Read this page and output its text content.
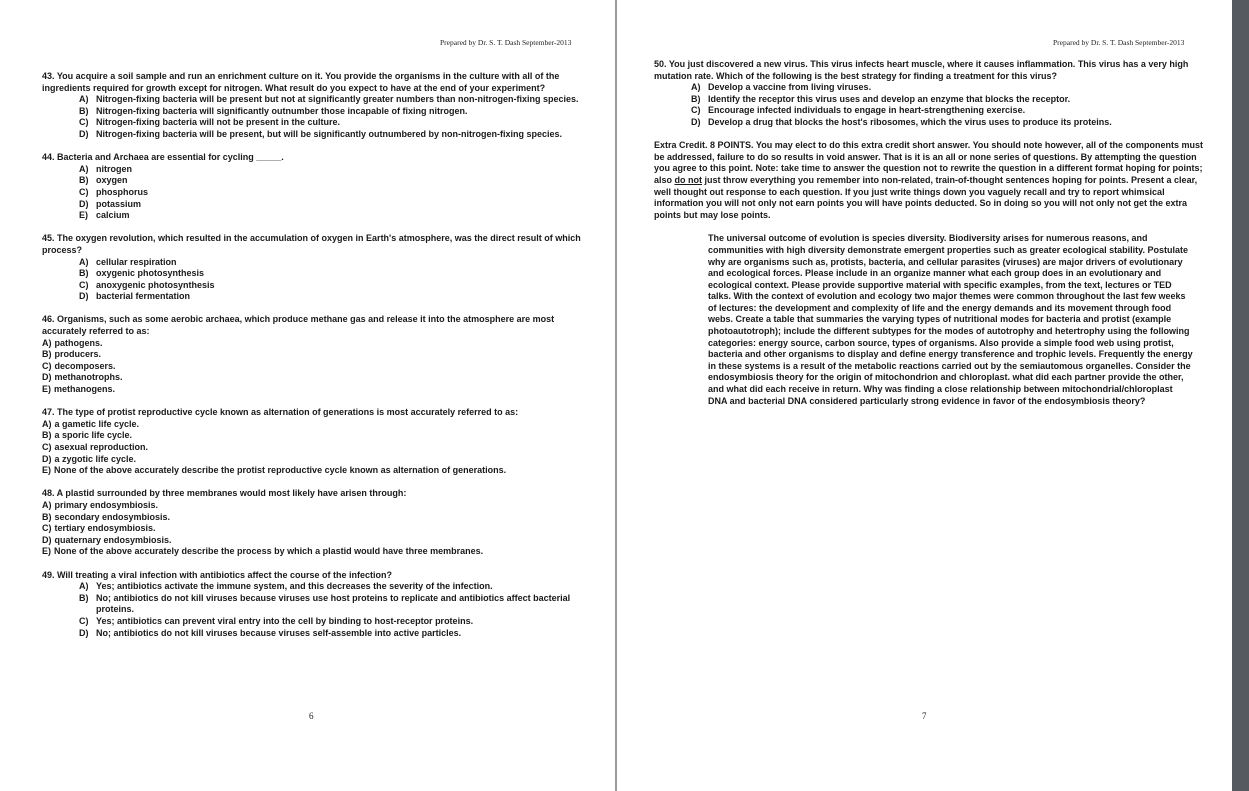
Prepared by Dr. S. T. Dash September-2013

43. You acquire a soil sample and run an enrichment culture on it. You provide the organisms in the culture with all of the ingredients required for growth except for nitrogen. What result do you expect to have at the end of your experiment?

A) Nitrogen-fixing bacteria will be present but not at significantly greater numbers than non-nitrogen-fixing species.
B) Nitrogen-fixing bacteria will significantly outnumber those incapable of fixing nitrogen.
C) Nitrogen-fixing bacteria will not be present in the culture.
D) Nitrogen-fixing bacteria will be present, but will be significantly outnumbered by non-nitrogen-fixing species.

44. Bacteria and Archaea are essential for cycling _____.

A) nitrogen
B) oxygen
C) phosphorus
D) potassium
E) calcium

45. The oxygen revolution, which resulted in the accumulation of oxygen in Earth's atmosphere, was the direct result of which process?

A) cellular respiration
B) oxygenic photosynthesis
C) anoxygenic photosynthesis
D) bacterial fermentation

46. Organisms, such as some aerobic archaea, which produce methane gas and release it into the atmosphere are most accurately referred to as:

A) pathogens.
B) producers.
C) decomposers.
D) methanotrophs.
E) methanogens.

47. The type of protist reproductive cycle known as alternation of generations is most accurately referred to as:

A) a gametic life cycle.
B) a sporic life cycle.
C) asexual reproduction.
D) a zygotic life cycle.
E) None of the above accurately describe the protist reproductive cycle known as alternation of generations.

48. A plastid surrounded by three membranes would most likely have arisen through:

A) primary endosymbiosis.
B) secondary endosymbiosis.
C) tertiary endosymbiosis.
D) quaternary endosymbiosis.
E) None of the above accurately describe the process by which a plastid would have three membranes.

49. Will treating a viral infection with antibiotics affect the course of the infection?

A) Yes; antibiotics activate the immune system, and this decreases the severity of the infection.
B) No; antibiotics do not kill viruses because viruses use host proteins to replicate and antibiotics affect bacterial proteins.
C) Yes; antibiotics can prevent viral entry into the cell by binding to host-receptor proteins.
D) No; antibiotics do not kill viruses because viruses self-assemble into active particles.
6
Prepared by Dr. S. T. Dash September-2013

50. You just discovered a new virus. This virus infects heart muscle, where it causes inflammation. This virus has a very high mutation rate. Which of the following is the best strategy for finding a treatment for this virus?

A) Develop a vaccine from living viruses.
B) Identify the receptor this virus uses and develop an enzyme that blocks the receptor.
C) Encourage infected individuals to engage in heart-strengthening exercise.
D) Develop a drug that blocks the host's ribosomes, which the virus uses to produce its proteins.

Extra Credit. 8 POINTS. You may elect to do this extra credit short answer. You should note however, all of the components must be addressed, failure to do so results in void answer. That is it is an all or none series of questions. By attempting the question you agree to this point. Note: take time to answer the question not to rewrite the question in a different format hoping for points; also do not just throw everything you remember into non-related, train-of-thought sentences hoping for points. Present a clear, well thought out response to each question. If you just write things down you vaguely recall and try to report whimsical information you will not only not earn points you will have points deducted. So in doing so you will not only not get the extra points but may lose points.

The universal outcome of evolution is species diversity. Biodiversity arises for numerous reasons, and communities with high diversity demonstrate emergent properties such as greater ecological stability. Postulate why are organisms such as, protists, bacteria, and cellular parasites (viruses) are major drivers of evolutionary and ecological forces. Please include in an organize manner what each group does in an evolutionary and ecological context. Please provide supportive material with specific examples, from the text, lectures or TED talks. With the context of evolution and ecology two major themes were common throughout the last few weeks of lectures: the development and complexity of life and the energy demands and its movement through food webs. Create a table that summaries the varying types of nutritional modes for bacteria and protist (example photoautotroph); include the different subtypes for the modes of autotrophy and hetertrophy using the following categories: energy source, carbon source, types of organisms. Also provide a simple food web using protist, bacteria and other organisms to display and define energy transference and trophic levels. Frequently the energy in these systems is a result of the metabolic reactions carried out by the semiautomous organelles. Consider the endosymbiosis theory for the origin of mitochondrion and chloroplast. what did each partner provide the other, and what did each receive in return. Why was finding a close relationship between mitochondrial/chloroplast DNA and bacterial DNA considered particularly strong evidence in favor of the endosymbiosis theory?
7
